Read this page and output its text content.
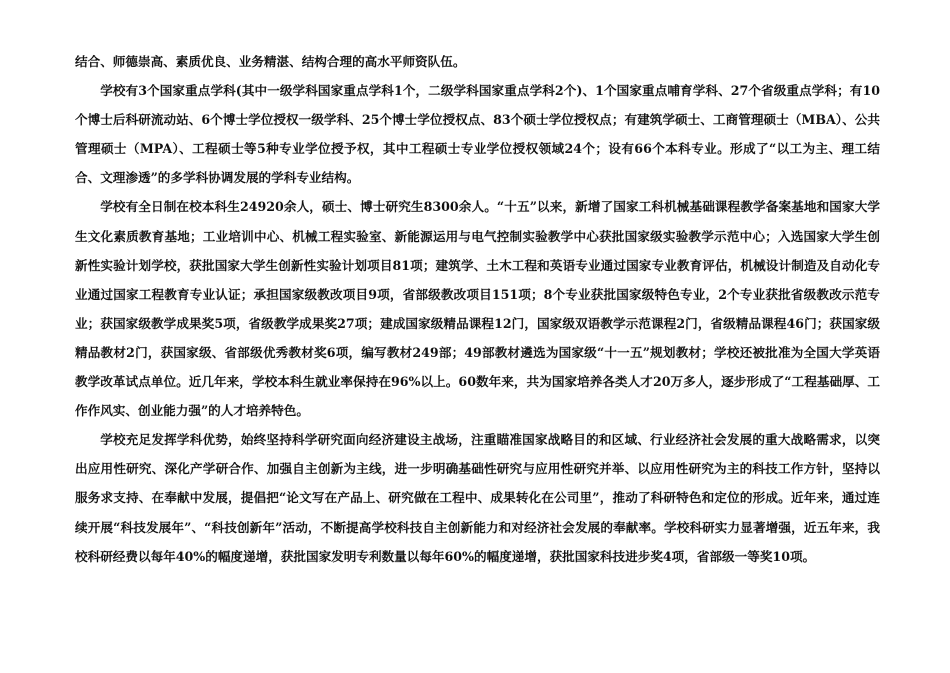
结合、师德崇高、素质优良、业务精湛、结构合理的高水平师资队伍。

学校有3个国家重点学科(其中一级学科国家重点学科1个，二级学科国家重点学科2个)、1个国家重点哺育学科、27个省级重点学科；有10个博士后科研流动站、6个博士学位授权一级学科、25个博士学位授权点、83个硕士学位授权点；有建筑学硕士、工商管理硕士（MBA）、公共管理硕士（MPA）、工程硕士等5种专业学位授予权，其中工程硕士专业学位授权领域24个；设有66个本科专业。形成了“以工为主、理工结合、文理渗透”的多学科协调发展的学科专业结构。

学校有全日制在校本科生24920余人，硕士、博士研究生8300余人。“十五”以来，新增了国家工科机械基础课程教学备案基地和国家大学生文化素质教育基地；工业培训中心、机械工程实验室、新能源运用与电气控制实验教学中心获批国家级实验教学示范中心；入选国家大学生创新性实验计划学校，获批国家大学生创新性实验计划项目81项；建筑学、土木工程和英语专业通过国家专业教育评估，机械设计制造及自动化专业通过国家工程教育专业认证；承担国家级教改项目9项，省部级教改项目151项；8个专业获批国家级特色专业，2个专业获批省级教改示范专业；获国家级教学成果奖5项，省级教学成果奖27项；建成国家级精品课程12门，国家级双语教学示范课程2门，省级精品课程46门；获国家级精品教材2门，获国家级、省部级优秀教材奖6项，编写教材249部；49部教材遴选为国家级“十一五”规划教材；学校还被批准为全国大学英语教学改革试点单位。近几年来，学校本科生就业率保持在96%以上。60数年来，共为国家培养各类人才20万多人，逐步形成了“工程基础厚、工作作风实、创业能力强”的人才培养特色。

学校充足发挥学科优势，始终坚持科学研究面向经济建设主战场，注重瞄准国家战略目的和区域、行业经济社会发展的重大战略需求，以突出应用性研究、深化产学研合作、加强自主创新为主线，进一步明确基础性研究与应用性研究并举、以应用性研究为主的科技工作方针，坚持以服务求支持、在奉献中发展，提倡把“论文写在产品上、研究做在工程中、成果转化在公司里”，推动了科研特色和定位的形成。近年来，通过连续开展“科技发展年”、“科技创新年”活动，不断提高学校科技自主创新能力和对经济社会发展的奉献率。学校科研实力显著增强，近五年来，我校科研经费以每年40%的幅度递增，获批国家发明专利数量以每年60%的幅度递增，获批国家科技进步奖4项，省部级一等奖10项。
